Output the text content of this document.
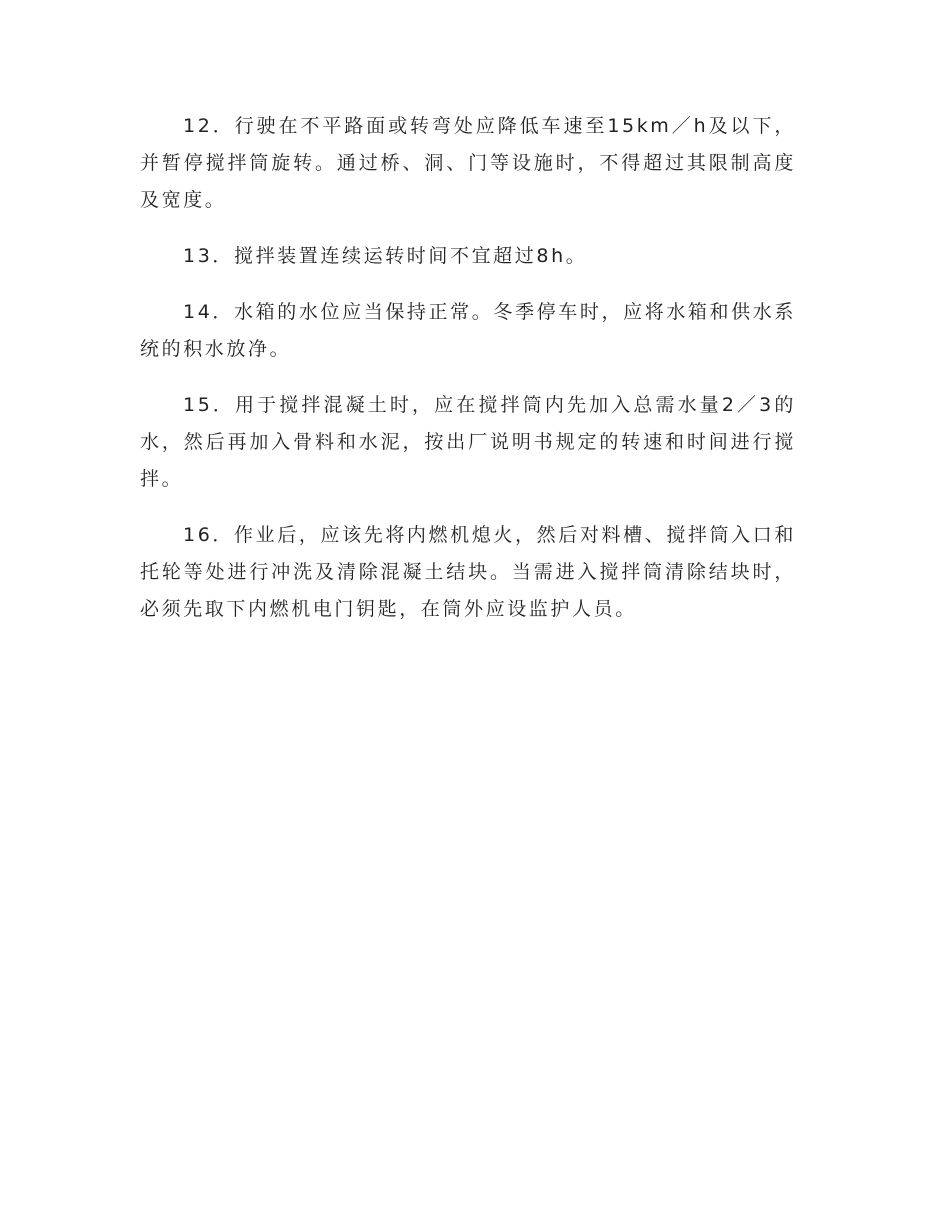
12．行驶在不平路面或转弯处应降低车速至15km／h及以下，并暂停搅拌筒旋转。通过桥、洞、门等设施时，不得超过其限制高度及宽度。

13．搅拌装置连续运转时间不宜超过8h。

14．水箱的水位应当保持正常。冬季停车时，应将水箱和供水系统的积水放净。

15．用于搅拌混凝土时，应在搅拌筒内先加入总需水量2／3的水，然后再加入骨料和水泥，按出厂说明书规定的转速和时间进行搅拌。

16．作业后，应该先将内燃机熄火，然后对料槽、搅拌筒入口和托轮等处进行冲洗及清除混凝土结块。当需进入搅拌筒清除结块时，必须先取下内燃机电门钥匙，在筒外应设监护人员。
